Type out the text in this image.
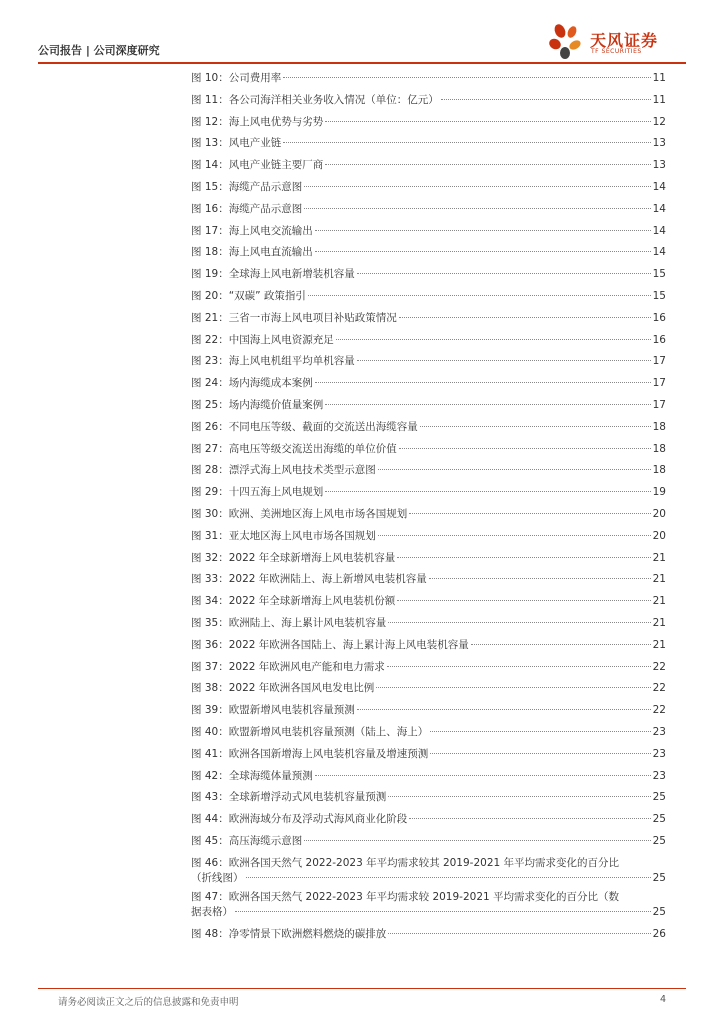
公司报告 | 公司深度研究
天风证券
TF SECURITIES
图 10：公司费用率	11
图 11：各公司海洋相关业务收入情况（单位：亿元）	11
图 12：海上风电优势与劣势	12
图 13：风电产业链	13
图 14：风电产业链主要厂商	13
图 15：海缆产品示意图	14
图 16：海缆产品示意图	14
图 17：海上风电交流输出	14
图 18：海上风电直流输出	14
图 19：全球海上风电新增装机容量	15
图 20：“双碳” 政策指引	15
图 21：三省一市海上风电项目补贴政策情况	16
图 22：中国海上风电资源充足	16
图 23：海上风电机组平均单机容量	17
图 24：场内海缆成本案例	17
图 25：场内海缆价值量案例	17
图 26：不同电压等级、截面的交流送出海缆容量	18
图 27：高电压等级交流送出海缆的单位价值	18
图 28：漂浮式海上风电技术类型示意图	18
图 29：十四五海上风电规划	19
图 30：欧洲、美洲地区海上风电市场各国规划	20
图 31：亚太地区海上风电市场各国规划	20
图 32：2022 年全球新增海上风电装机容量	21
图 33：2022 年欧洲陆上、海上新增风电装机容量	21
图 34：2022 年全球新增海上风电装机份额	21
图 35：欧洲陆上、海上累计风电装机容量	21
图 36：2022 年欧洲各国陆上、海上累计海上风电装机容量	21
图 37：2022 年欧洲风电产能和电力需求	22
图 38：2022 年欧洲各国风电发电比例	22
图 39：欧盟新增风电装机容量预测	22
图 40：欧盟新增风电装机容量预测（陆上、海上）	23
图 41：欧洲各国新增海上风电装机容量及增速预测	23
图 42：全球海缆体量预测	23
图 43：全球新增浮动式风电装机容量预测	25
图 44：欧洲海域分布及浮动式海风商业化阶段	25
图 45：高压海缆示意图	25
图 46：欧洲各国天然气 2022-2023 年平均需求较其 2019-2021 年平均需求变化的百分比
（折线图）	25
图 47：欧洲各国天然气 2022-2023 年平均需求较 2019-2021 平均需求变化的百分比（数
据表格）	25
图 48：净零情景下欧洲燃料燃烧的碳排放	26
请务必阅读正文之后的信息披露和免责申明	4
